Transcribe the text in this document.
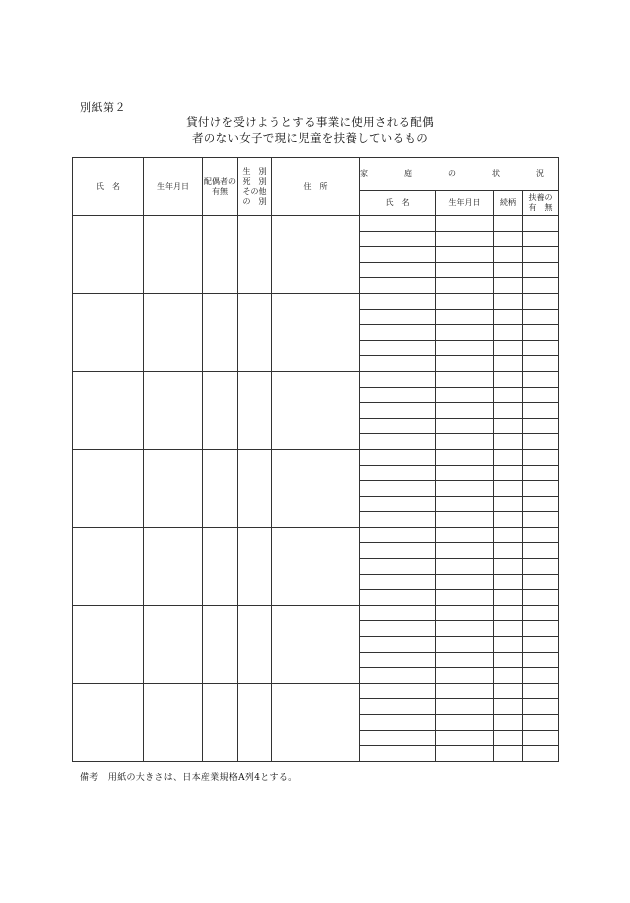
別紙第２
貸付けを受けようとする事業に使用される配偶
者のない女子で現に児童を扶養しているもの
氏　名	生年月日	配偶者の有無	生　別
死　別
その他
の　別	住　所	家　庭　の　状　況			
					氏　名	生年月日	続柄	扶養の
有　無

備考　用紙の大きさは、日本産業規格A列4とする。
